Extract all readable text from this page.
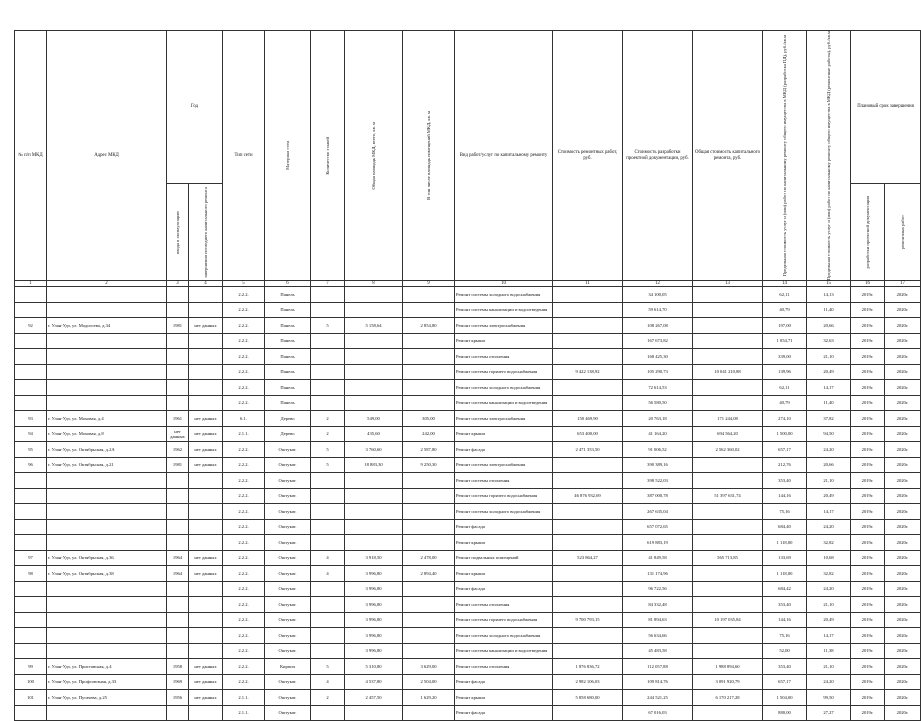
№ п/п МКД	Адрес МКД	Год		Тип сети	Материал стен	Количество этажей	Общая площадь МКД, всего, кв. м	В том числе площадь помещений МКД, кв. м	Вид работ/услуг по капитальному ремонту	Стоимость ремонтных работ, руб.	Стоимость разработки проектной документации, руб.	Общая стоимость капитального ремонта, руб.	Предельная стоимость услуг и (или) работ по капитальному ремонту общего имущества в МКД (разработка ПД), руб./кв.м	Предельная стоимость услуг и (или) работ по капитальному ремонту общего имущества в МКД (ремонтные работы), руб./кв.м	Плановый срок завершения	

		ввода в эксплуатацию	завершения последнего капитального ремонта												разработки проектной документации	ремонтных работ

1	2	3	4	5	6	7	8	9	10	11	12	13	14	15	16	17
				2.2.2.	Панель				Ремонт системы холодного водоснабжения		34 100,05		62,11	14,13	2019г.	2020г.
				2.2.2.	Панель				Ремонт системы канализации и водоотведения		59 614,70		40,79	11,40	2019г.	2020г.
92	г. Улан-Удэ, ул. Модогоева, д.34	1981	нет данных	2.2.2.	Панель	5	5 158,64	2 854,80	Ремонт системы электроснабжения		108 267,08		197,00	20,66	2019г.	2020г.
				2.2.2.	Панель				Ремонт крыши		167 673,82		1 054,71	32,63	2019г.	2020г.
				2.2.2.	Панель				Ремонт системы отопления		168 425,30		339,00	21,10	2019г.	2020г.
				2.2.2.	Панель				Ремонт системы горячего водоснабжения	9 422 138,92	105 290,73	10 041 210,88	139,96	20,49	2019г.	2020г.
				2.2.2.	Панель				Ремонт системы холодного водоснабжения		72 614,53		62,11	14,17	2019г.	2020г.
				2.2.2.	Панель				Ремонт системы канализации и водоотведения		56 580,50		40,79	11,40	2019г.	2020г.
93	г. Улан-Удэ, ул. Моховая, д.4	1961	нет данных	6.1.	Дерево	2	549,00	305,00	Ремонт системы электроснабжения	150 469,90	20 763,18	171 244,08	274,10	37,82	2019г.	2020г.
94	г. Улан-Удэ, ул. Моховая, д.8	нет данных	нет данных	2.1.1.	Дерево	2	435,60	242,00	Ремонт крыши	653 400,00	41 164,20	694 564,20	1 500,00	94,50	2019г.	2020г.
95	г. Улан-Удэ, ул. Октябрьская, д.2А	1962	нет данных	2.2.2.	Оштукат.	5	3 760,60	2 587,80	Ремонт фасада	2 471 353,50	91 006,52	2 562 360,02	657,17	24,20	2019г.	2020г.
96	г. Улан-Удэ, ул. Октябрьская, д.21	1981	нет данных	2.2.2.	Оштукат.	5	18 883,30	9 250,30	Ремонт системы электроснабжения		390 389,16		212,76	20,66	2019г.	2020г.
				2.2.2.	Оштукат.				Ремонт системы отопления		398 522,03		353,40	21,10	2019г.	2020г.
				2.2.2.	Оштукат.				Ремонт системы горячего водоснабжения	46 876 932,69	387 000,78	51 397 631,74	144,16	20,49	2019г.	2020г.
				2.2.2.	Оштукат.				Ремонт системы холодного водоснабжения		267 635,04		75,16	14,17	2019г.	2020г.
				2.2.2.	Оштукат.				Ремонт фасада		657 072,65		684,40	24,20	2019г.	2020г.
				2.2.2.	Оштукат.				Ремонт крыши		619 883,19		1 118,00	32,82	2019г.	2020г.
97	г. Улан-Удэ, ул. Октябрьская, д.36	1964	нет данных	2.2.2.	Оштукат.	4	3 918,50	2 478,00	Ремонт подвальных помещений	523 864,27	41 849,58	565 713,85	133,69	10,68	2019г.	2020г.
98	г. Улан-Удэ, ул. Октябрьская, д.38	1964	нет данных	2.2.2.	Оштукат.	4	3 996,80	2 894,40	Ремонт крыши		131 174,96		1 118,00	32,82	2019г.	2020г.
				2.2.2.	Оштукат.		3 996,80		Ремонт фасада		96 722,56		684,42	24,20	2019г.	2020г.
				2.2.2.	Оштукат.		3 996,80		Ремонт системы отопления		84 332,48		353,40	21,10	2019г.	2020г.
				2.2.2.	Оштукат.		3 996,80		Ремонт системы горячего водоснабжения	9 700 793,15	81 894,63	10 197 035,84	144,16	20,49	2019г.	2020г.
				2.2.2.	Оштукат.		3 996,80		Ремонт системы холодного водоснабжения		56 634,66		75,16	14,17	2019г.	2020г.
				2.2.2.	Оштукат.		3 996,80		Ремонт системы канализации и водоотведения		45 483,58		52,00	11,38	2019г.	2020г.
99	г. Улан-Удэ, ул. Приставская, д.4	1958	нет данных	2.2.2.	Кирпич	5	5 310,80	3 629,00	Ремонт системы отопления	1 876 836,72	112 057,88	1 988 894,60	353,40	21,10	2019г.	2020г.
100	г. Улан-Удэ, ул. Профсоюзная, д.33	1969	нет данных	2.2.2.	Оштукат.	4	4 537,80	2 504,00	Ремонт фасада	2 982 106,03	109 814,76	3 091 920,79	657,17	24,20	2019г.	2020г.
101	г. Улан-Удэ, ул. Пугачева, д.25	1956	нет данных	2.1.1.	Оштукат.	2	2 457,50	1 629,20	Ремонт крыши	5 858 680,00	244 521,25	6 170 217,28	1 504,00	99,50	2019г.	2020г.
				2.1.1.	Оштукат.				Ремонт фасада		67 016,03		880,00	27,27	2019г.	2020г.
